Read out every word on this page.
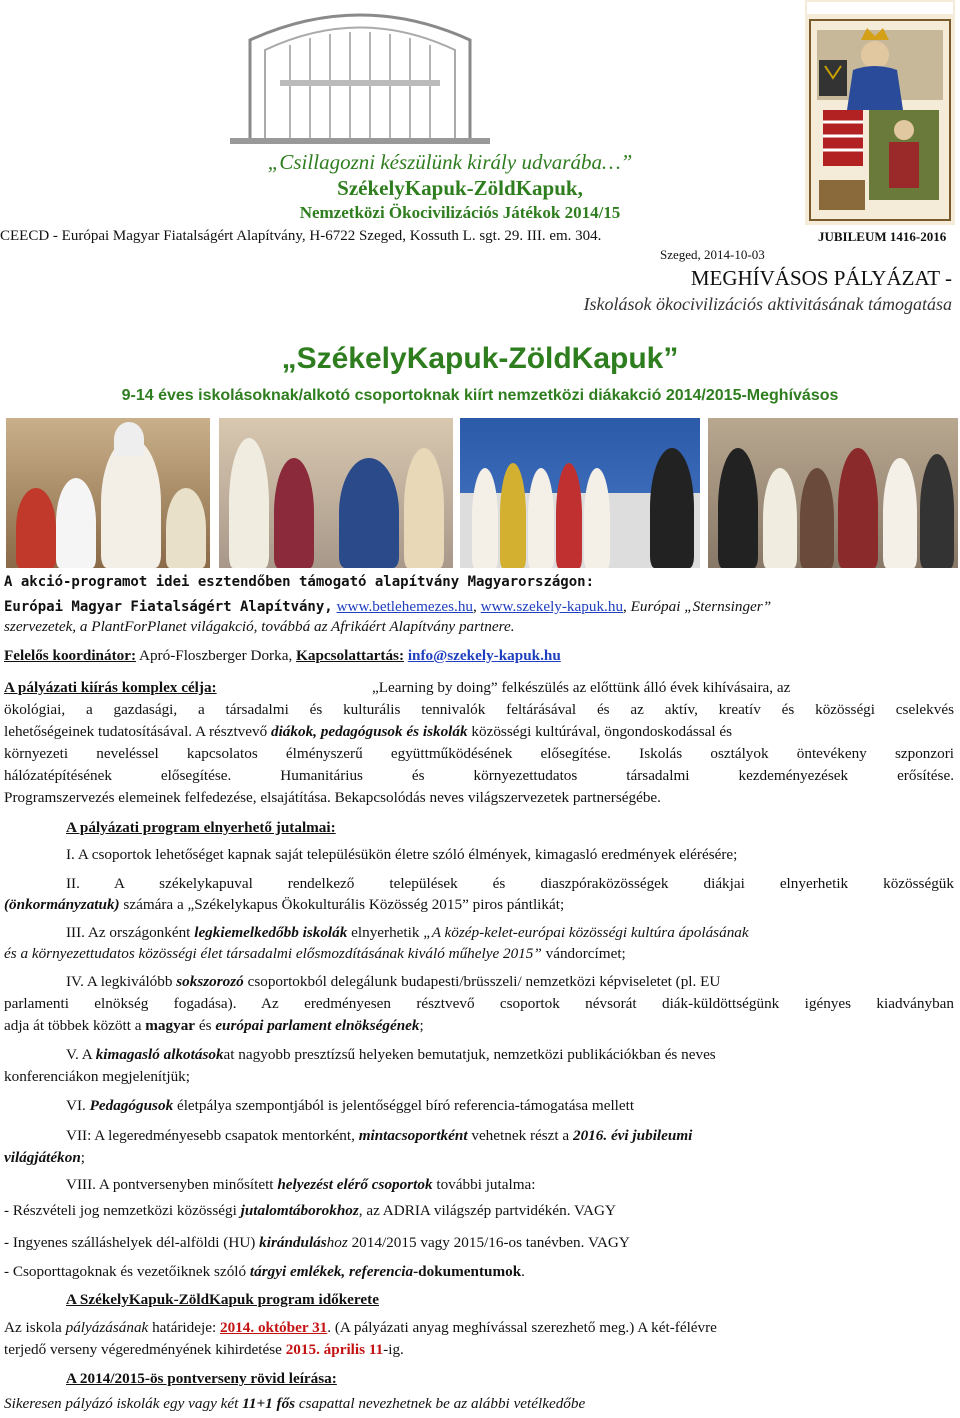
„Csillagozni készülünk király udvarába…”
SzékelyKapuk-ZöldKapuk,
Nemzetközi Ökocivilizációs Játékok 2014/15
CEECD - Európai Magyar Fiatalságért Alapítvány, H-6722 Szeged, Kossuth L. sgt. 29. III. em. 304.
Szeged, 2014-10-03
JUBILEUM 1416-2016
MEGHÍVÁSOS PÁLYÁZAT -
Iskolások ökocivilizációs aktivitásának támogatása
„SzékelyKapuk-ZöldKapuk”
9-14 éves iskolásoknak/alkotó csoportoknak kiírt nemzetközi diákakció 2014/2015-Meghívásos
A akció-programot idei esztendőben támogató alapítvány Magyarországon:
Európai Magyar Fiatalságért Alapítvány, www.betlehemezes.hu, www.szekely-kapuk.hu, Európai „Sternsinger”
szervezetek, a PlantForPlanet világakció, továbbá az Afrikáért Alapítvány partnere.
Felelős koordinátor: Apró-Floszberger Dorka, Kapcsolattartás: info@szekely-kapuk.hu
A pályázati kiírás komplex célja:	„Learning by doing” felkészülés az előttünk álló évek kihívásaira, az
ökológiai, a gazdasági, a társadalmi és kulturális tennivalók feltárásával és az aktív, kreatív és közösségi cselekvés
lehetőségeinek tudatosításával. A résztvevő diákok, pedagógusok és iskolák közösségi kultúrával, öngondoskodással és
környezeti neveléssel kapcsolatos élményszerű együttműködésének elősegítése. Iskolás osztályok öntevékeny szponzori
hálózatépítésének elősegítése. Humanitárius és környezettudatos társadalmi kezdeményezések erősítése.
Programszervezés elemeinek felfedezése, elsajátítása. Bekapcsolódás neves világszervezetek partnerségébe.
A pályázati program elnyerhető jutalmai:
I. A csoportok lehetőséget kapnak saját településükön életre szóló élmények, kimagasló eredmények elérésére;
II. A székelykapuval rendelkező települések és diaszpóraközösségek diákjai elnyerhetik közösségük
(önkormányzatuk) számára a „Székelykapus Ökokulturális Közösség 2015” piros pántlikát;
III. Az országonként legkiemelkedőbb iskolák elnyerhetik „A közép-kelet-európai közösségi kultúra ápolásának
és a környezettudatos közösségi élet társadalmi elősmozdításának kiváló műhelye 2015” vándorcímet;
IV. A legkiválóbb sokszorozó csoportokból delegálunk budapesti/brüsszeli/ nemzetközi képviseletet (pl. EU
parlamenti elnökség fogadása). Az eredményesen résztvevő csoportok névsorát diák-küldöttségünk igényes kiadványban
adja át többek között a magyar és európai parlament elnökségének;
V. A kimagasló alkotásokat nagyobb presztízsű helyeken bemutatjuk, nemzetközi publikációkban és neves
konferenciákon megjelenítjük;
VI. Pedagógusok életpálya szempontjából is jelentőséggel bíró referencia-támogatása mellett
VII: A legeredményesebb csapatok mentorként, mintacsoportként vehetnek részt a 2016. évi jubileumi
világjátékon;
VIII. A pontversenyben minősített helyezést elérő csoportok további jutalma:
- Részvételi jog nemzetközi közösségi jutalomtáborokhoz, az ADRIA világszép partvidékén. VAGY
- Ingyenes szálláshelyek dél-alföldi (HU) kiránduláshoz 2014/2015 vagy 2015/16-os tanévben. VAGY
- Csoporttagoknak és vezetőiknek szóló tárgyi emlékek, referencia-dokumentumok.
A SzékelyKapuk-ZöldKapuk program időkerete
Az iskola pályázásának határideje: 2014. október 31. (A pályázati anyag meghívással szerezhető meg.) A két-félévre
terjedő verseny végeredményének kihirdetése 2015. április 11-ig.
A 2014/2015-ös pontverseny rövid leírása:
Sikeresen pályázó iskolák egy vagy két 11+1 fős csapattal nevezhetnek be az alábbi vetélkedőbe
